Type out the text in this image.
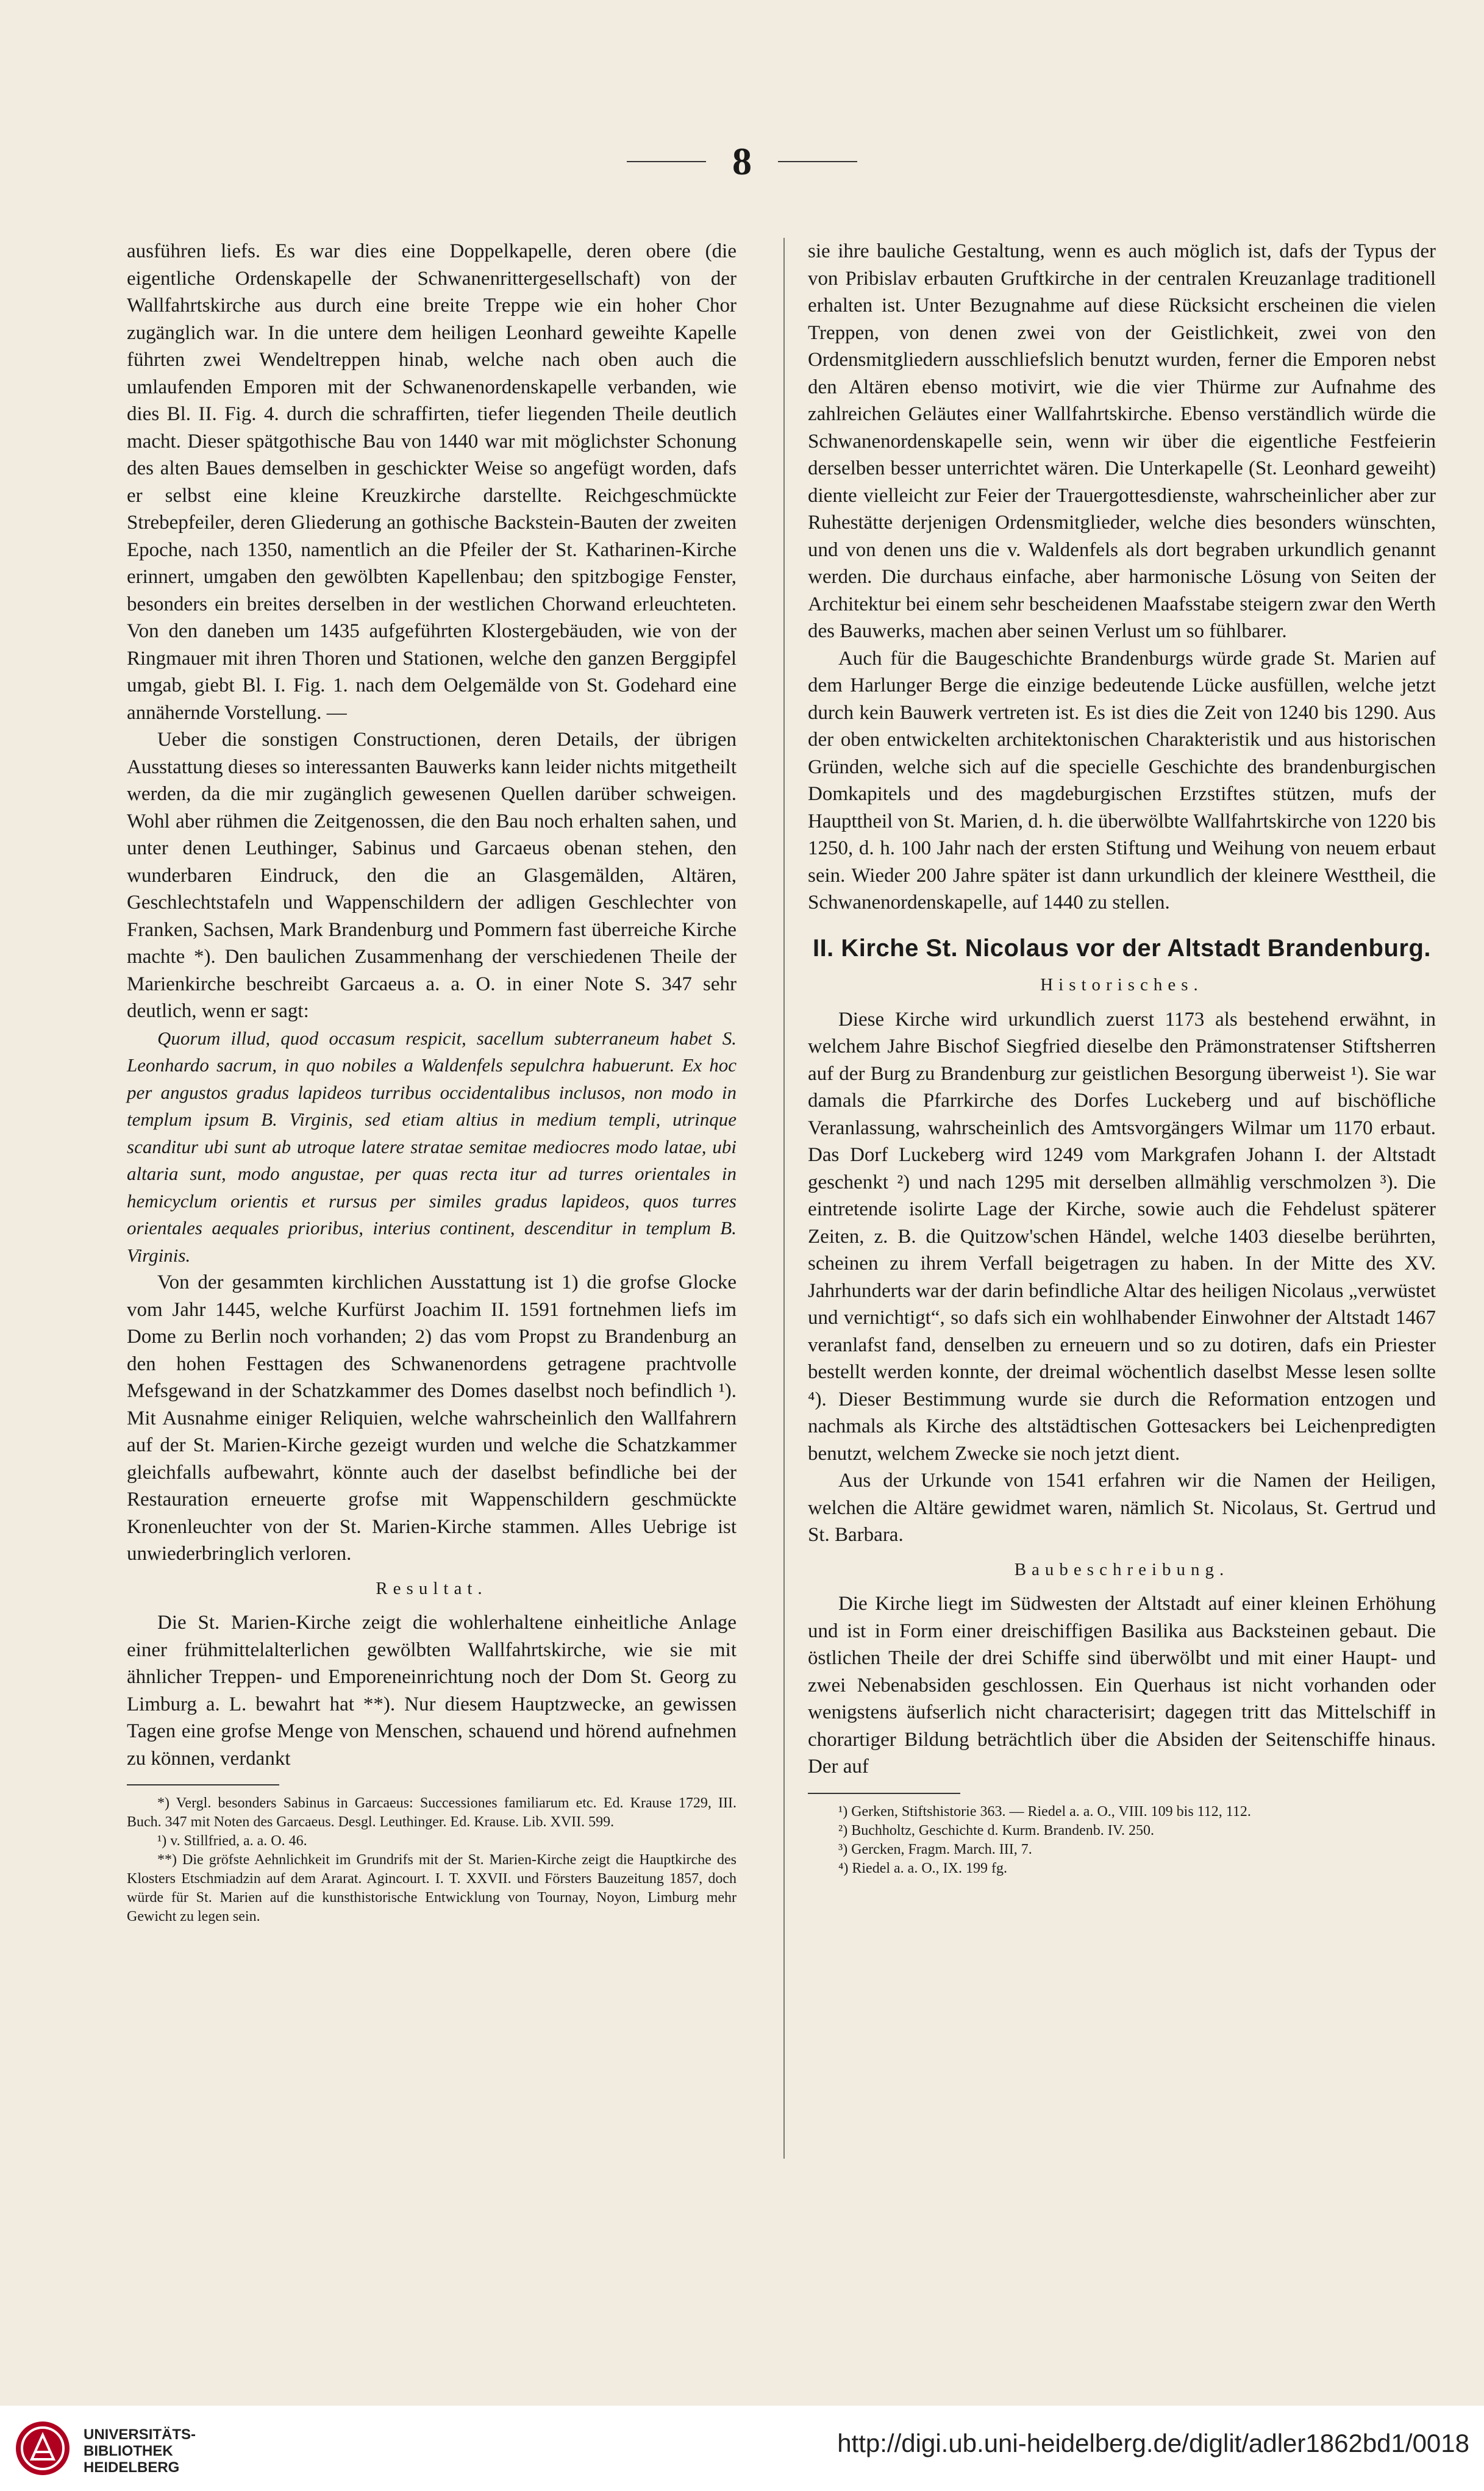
8

ausführen liefs. Es war dies eine Doppelkapelle, deren obere (die eigentliche Ordenskapelle der Schwanenrittergesellschaft) von der Wallfahrtskirche aus durch eine breite Treppe wie ein hoher Chor zugänglich war. In die untere dem heiligen Leonhard geweihte Kapelle führten zwei Wendeltreppen hinab, welche nach oben auch die umlaufenden Emporen mit der Schwanenordenskapelle verbanden, wie dies Bl. II. Fig. 4. durch die schraffirten, tiefer liegenden Theile deutlich macht. Dieser spätgothische Bau von 1440 war mit möglichster Schonung des alten Baues demselben in geschickter Weise so angefügt worden, dafs er selbst eine kleine Kreuzkirche darstellte. Reichgeschmückte Strebepfeiler, deren Gliederung an gothische Backstein-Bauten der zweiten Epoche, nach 1350, namentlich an die Pfeiler der St. Katharinen-Kirche erinnert, umgaben den gewölbten Kapellenbau; den spitzbogige Fenster, besonders ein breites derselben in der westlichen Chorwand erleuchteten. Von den daneben um 1435 aufgeführten Klostergebäuden, wie von der Ringmauer mit ihren Thoren und Stationen, welche den ganzen Berggipfel umgab, giebt Bl. I. Fig. 1. nach dem Oelgemälde von St. Godehard eine annähernde Vorstellung. —

Ueber die sonstigen Constructionen, deren Details, der übrigen Ausstattung dieses so interessanten Bauwerks kann leider nichts mitgetheilt werden, da die mir zugänglich gewesenen Quellen darüber schweigen. Wohl aber rühmen die Zeitgenossen, die den Bau noch erhalten sahen, und unter denen Leuthinger, Sabinus und Garcaeus obenan stehen, den wunderbaren Eindruck, den die an Glasgemälden, Altären, Geschlechtstafeln und Wappenschildern der adligen Geschlechter von Franken, Sachsen, Mark Brandenburg und Pommern fast überreiche Kirche machte *). Den baulichen Zusammenhang der verschiedenen Theile der Marienkirche beschreibt Garcaeus a. a. O. in einer Note S. 347 sehr deutlich, wenn er sagt:

Quorum illud, quod occasum respicit, sacellum subterraneum habet S. Leonhardo sacrum, in quo nobiles a Waldenfels sepulchra habuerunt. Ex hoc per angustos gradus lapideos turribus occidentalibus inclusos, non modo in templum ipsum B. Virginis, sed etiam altius in medium templi, utrinque scanditur ubi sunt ab utroque latere stratae semitae mediocres modo latae, ubi altaria sunt, modo angustae, per quas recta itur ad turres orientales in hemicyclum orientis et rursus per similes gradus lapideos, quos turres orientales aequales prioribus, interius continent, descenditur in templum B. Virginis.

Von der gesammten kirchlichen Ausstattung ist 1) die grofse Glocke vom Jahr 1445, welche Kurfürst Joachim II. 1591 fortnehmen liefs im Dome zu Berlin noch vorhanden; 2) das vom Propst zu Brandenburg an den hohen Festtagen des Schwanenordens getragene prachtvolle Mefsgewand in der Schatzkammer des Domes daselbst noch befindlich ¹). Mit Ausnahme einiger Reliquien, welche wahrscheinlich den Wallfahrern auf der St. Marien-Kirche gezeigt wurden und welche die Schatzkammer gleichfalls aufbewahrt, könnte auch der daselbst befindliche bei der Restauration erneuerte grofse mit Wappenschildern geschmückte Kronenleuchter von der St. Marien-Kirche stammen. Alles Uebrige ist unwiederbringlich verloren.

Resultat.

Die St. Marien-Kirche zeigt die wohlerhaltene einheitliche Anlage einer frühmittelalterlichen gewölbten Wallfahrtskirche, wie sie mit ähnlicher Treppen- und Emporeneinrichtung noch der Dom St. Georg zu Limburg a. L. bewahrt hat **). Nur diesem Hauptzwecke, an gewissen Tagen eine grofse Menge von Menschen, schauend und hörend aufnehmen zu können, verdankt

*) Vergl. besonders Sabinus in Garcaeus: Successiones familiarum etc. Ed. Krause 1729, III. Buch. 347 mit Noten des Garcaeus. Desgl. Leuthinger. Ed. Krause. Lib. XVII. 599.

¹) v. Stillfried, a. a. O. 46.

**) Die gröfste Aehnlichkeit im Grundrifs mit der St. Marien-Kirche zeigt die Hauptkirche des Klosters Etschmiadzin auf dem Ararat. Agincourt. I. T. XXVII. und Försters Bauzeitung 1857, doch würde für St. Marien auf die kunsthistorische Entwicklung von Tournay, Noyon, Limburg mehr Gewicht zu legen sein.

sie ihre bauliche Gestaltung, wenn es auch möglich ist, dafs der Typus der von Pribislav erbauten Gruftkirche in der centralen Kreuzanlage traditionell erhalten ist. Unter Bezugnahme auf diese Rücksicht erscheinen die vielen Treppen, von denen zwei von der Geistlichkeit, zwei von den Ordensmitgliedern ausschliefslich benutzt wurden, ferner die Emporen nebst den Altären ebenso motivirt, wie die vier Thürme zur Aufnahme des zahlreichen Geläutes einer Wallfahrtskirche. Ebenso verständlich würde die Schwanenordenskapelle sein, wenn wir über die eigentliche Festfeierin derselben besser unterrichtet wären. Die Unterkapelle (St. Leonhard geweiht) diente vielleicht zur Feier der Trauergottesdienste, wahrscheinlicher aber zur Ruhestätte derjenigen Ordensmitglieder, welche dies besonders wünschten, und von denen uns die v. Waldenfels als dort begraben urkundlich genannt werden. Die durchaus einfache, aber harmonische Lösung von Seiten der Architektur bei einem sehr bescheidenen Maafsstabe steigern zwar den Werth des Bauwerks, machen aber seinen Verlust um so fühlbarer.

Auch für die Baugeschichte Brandenburgs würde grade St. Marien auf dem Harlunger Berge die einzige bedeutende Lücke ausfüllen, welche jetzt durch kein Bauwerk vertreten ist. Es ist dies die Zeit von 1240 bis 1290. Aus der oben entwickelten architektonischen Charakteristik und aus historischen Gründen, welche sich auf die specielle Geschichte des brandenburgischen Domkapitels und des magdeburgischen Erzstiftes stützen, mufs der Haupttheil von St. Marien, d. h. die überwölbte Wallfahrtskirche von 1220 bis 1250, d. h. 100 Jahr nach der ersten Stiftung und Weihung von neuem erbaut sein. Wieder 200 Jahre später ist dann urkundlich der kleinere Westtheil, die Schwanenordenskapelle, auf 1440 zu stellen.

II. Kirche St. Nicolaus vor der Altstadt Brandenburg.
Historisches.

Diese Kirche wird urkundlich zuerst 1173 als bestehend erwähnt, in welchem Jahre Bischof Siegfried dieselbe den Prämonstratenser Stiftsherren auf der Burg zu Brandenburg zur geistlichen Besorgung überweist ¹). Sie war damals die Pfarrkirche des Dorfes Luckeberg und auf bischöfliche Veranlassung, wahrscheinlich des Amtsvorgängers Wilmar um 1170 erbaut. Das Dorf Luckeberg wird 1249 vom Markgrafen Johann I. der Altstadt geschenkt ²) und nach 1295 mit derselben allmählig verschmolzen ³). Die eintretende isolirte Lage der Kirche, sowie auch die Fehdelust späterer Zeiten, z. B. die Quitzow'schen Händel, welche 1403 dieselbe berührten, scheinen zu ihrem Verfall beigetragen zu haben. In der Mitte des XV. Jahrhunderts war der darin befindliche Altar des heiligen Nicolaus „verwüstet und vernichtigt“, so dafs sich ein wohlhabender Einwohner der Altstadt 1467 veranlafst fand, denselben zu erneuern und so zu dotiren, dafs ein Priester bestellt werden konnte, der dreimal wöchentlich daselbst Messe lesen sollte ⁴). Dieser Bestimmung wurde sie durch die Reformation entzogen und nachmals als Kirche des altstädtischen Gottesackers bei Leichenpredigten benutzt, welchem Zwecke sie noch jetzt dient.

Aus der Urkunde von 1541 erfahren wir die Namen der Heiligen, welchen die Altäre gewidmet waren, nämlich St. Nicolaus, St. Gertrud und St. Barbara.

Baubeschreibung.

Die Kirche liegt im Südwesten der Altstadt auf einer kleinen Erhöhung und ist in Form einer dreischiffigen Basilika aus Backsteinen gebaut. Die östlichen Theile der drei Schiffe sind überwölbt und mit einer Haupt- und zwei Nebenabsiden geschlossen. Ein Querhaus ist nicht vorhanden oder wenigstens äufserlich nicht characterisirt; dagegen tritt das Mittelschiff in chorartiger Bildung beträchtlich über die Absiden der Seitenschiffe hinaus. Der auf

¹) Gerken, Stiftshistorie 363. — Riedel a. a. O., VIII. 109 bis 112, 112.

²) Buchholtz, Geschichte d. Kurm. Brandenb. IV. 250.

³) Gercken, Fragm. March. III, 7.

⁴) Riedel a. a. O., IX. 199 fg.

UNIVERSITÄTS-
BIBLIOTHEK
HEIDELBERG
http://digi.ub.uni-heidelberg.de/diglit/adler1862bd1/0018
